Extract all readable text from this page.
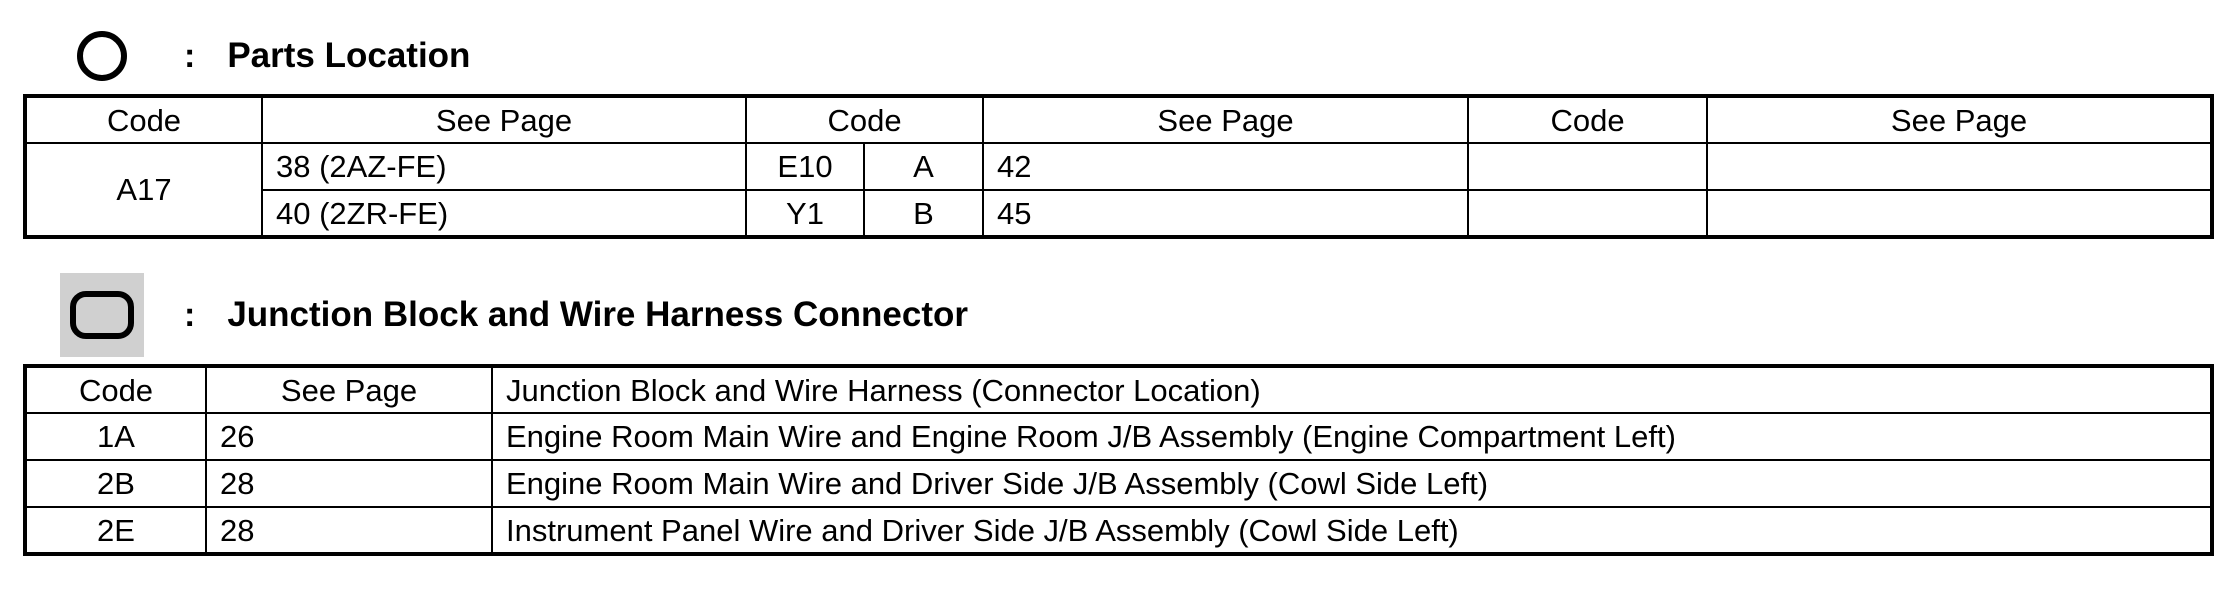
: Parts Location
Code	See Page	Code		See Page	Code	See Page
A17	38 (2AZ-FE)	E10	A	42		
	40 (2ZR-FE)	Y1	B	45		
: Junction Block and Wire Harness Connector
Code	See Page	Junction Block and Wire Harness (Connector Location)
1A	26	Engine Room Main Wire and Engine Room J/B Assembly (Engine Compartment Left)
2B	28	Engine Room Main Wire and Driver Side J/B Assembly (Cowl Side Left)
2E	28	Instrument Panel Wire and Driver Side J/B Assembly (Cowl Side Left)
